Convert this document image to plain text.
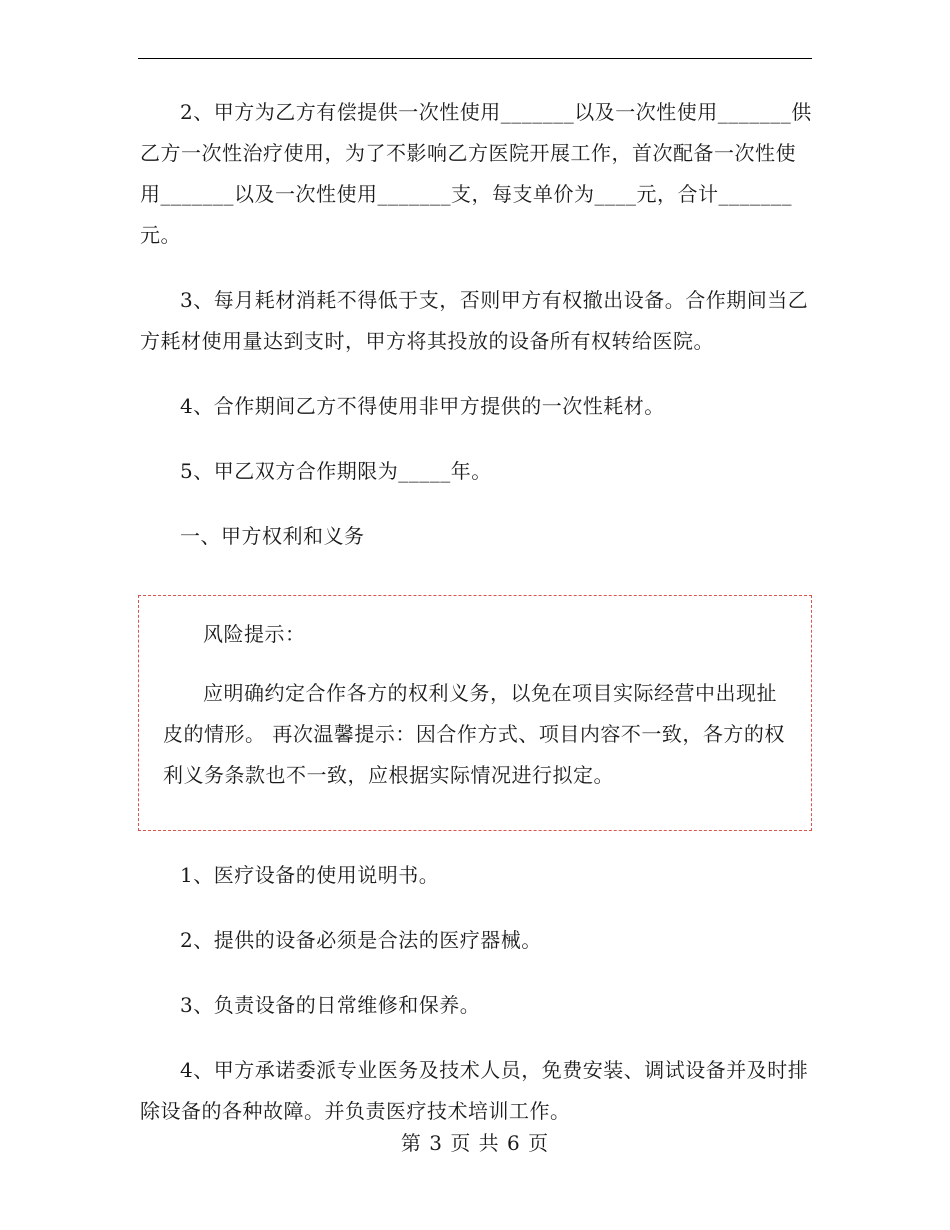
2、甲方为乙方有偿提供一次性使用_______以及一次性使用_______供乙方一次性治疗使用，为了不影响乙方医院开展工作，首次配备一次性使用_______以及一次性使用_______支，每支单价为____元，合计_______元。

3、每月耗材消耗不得低于支，否则甲方有权撤出设备。合作期间当乙方耗材使用量达到支时，甲方将其投放的设备所有权转给医院。

4、合作期间乙方不得使用非甲方提供的一次性耗材。

5、甲乙双方合作期限为_____年。

一、甲方权利和义务

风险提示：

应明确约定合作各方的权利义务，以免在项目实际经营中出现扯皮的情形。 再次温馨提示：因合作方式、项目内容不一致，各方的权利义务条款也不一致，应根据实际情况进行拟定。

1、医疗设备的使用说明书。

2、提供的设备必须是合法的医疗器械。

3、负责设备的日常维修和保养。

4、甲方承诺委派专业医务及技术人员，免费安装、调试设备并及时排除设备的各种故障。并负责医疗技术培训工作。

第 3 页 共 6 页
